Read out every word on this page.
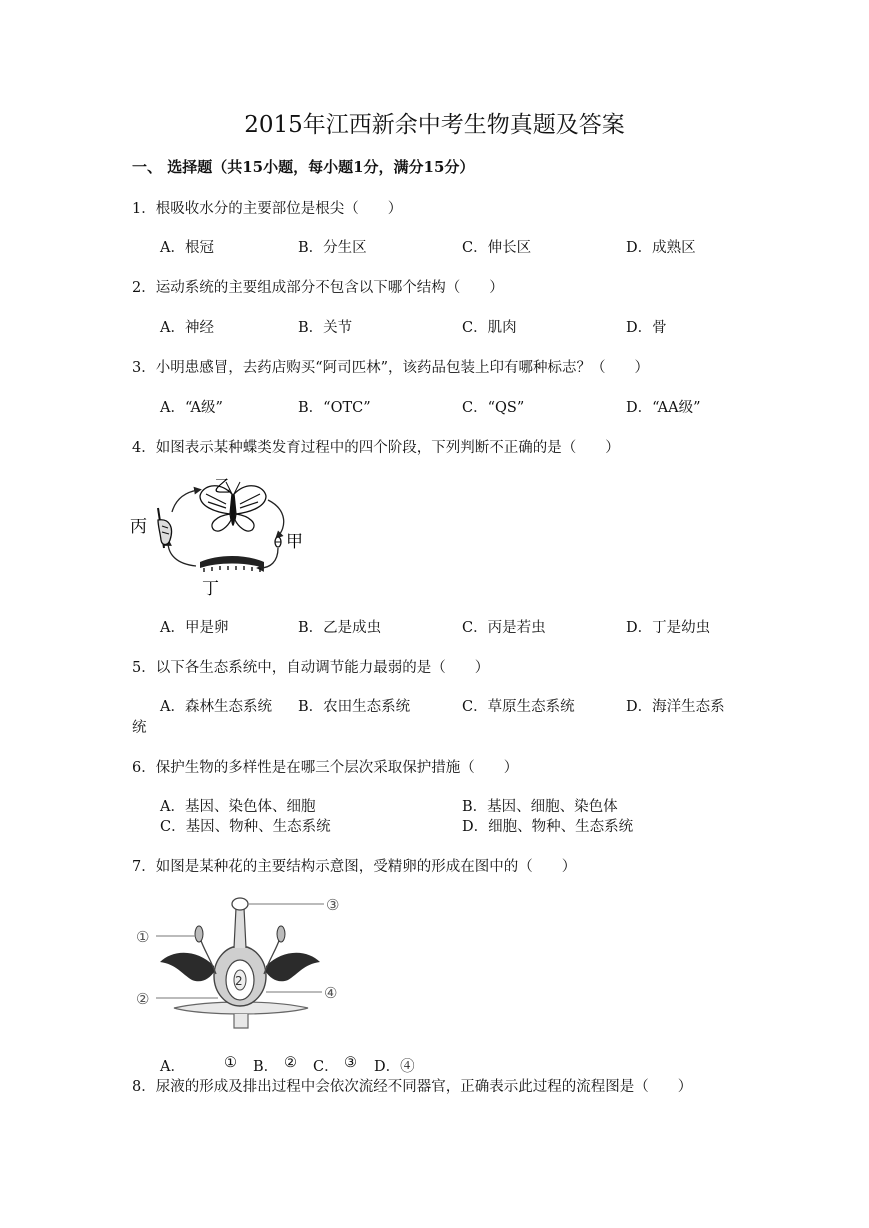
2015年江西新余中考生物真题及答案
一、 选择题（共15小题，每小题1分，满分15分）
1．根吸收水分的主要部位是根尖（　　）
A．根冠	B．分生区	C．伸长区	D．成熟区
2．运动系统的主要组成部分不包含以下哪个结构（　　）
A．神经	B．关节	C．肌肉	D．骨
3．小明患感冒，去药店购买“阿司匹林”，该药品包装上印有哪种标志？（　　）
A．“A级”	B．“OTC”	C．“QS”	D．“AA级”
4．如图表示某种蝶类发育过程中的四个阶段，下列判断不正确的是（　　）
乙
丙
甲
丁
A．甲是卵	B．乙是成虫	C．丙是若虫	D．丁是幼虫
5．以下各生态系统中，自动调节能力最弱的是（　　）
A．森林生态系统 B．农田生态系统	C．草原生态系统	D．海洋生态系
统
6．保护生物的多样性是在哪三个层次采取保护措施（　　）
A．基因、染色体、细胞	B．基因、细胞、染色体
C．基因、物种、生态系统	D．细胞、物种、生态系统
7．如图是某种花的主要结构示意图，受精卵的形成在图中的（　　）
2
③
①
②	④
A．	① B． ② C． ③ D．④
8．尿液的形成及排出过程中会依次流经不同器官，正确表示此过程的流程图是（　　）
